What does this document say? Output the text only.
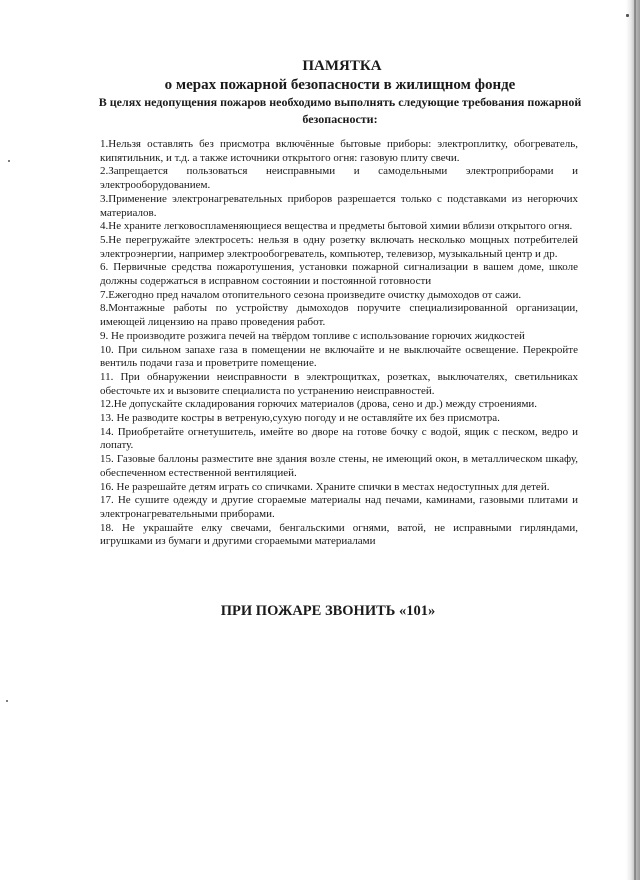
ПАМЯТКА
о мерах пожарной безопасности в жилищном фонде
В целях недопущения пожаров необходимо выполнять следующие требования пожарной
безопасности:

1.Нельзя оставлять без присмотра включённые бытовые приборы: электроплитку, обогреватель, кипятильник, и т.д. а также источники открытого огня: газовую плиту свечи.

2.Запрещается пользоваться неисправными и самодельными электроприборами и электрооборудованием.

3.Применение электронагревательных приборов разрешается только с подставками из негорючих материалов.

4.Не храните легковоспламеняющиеся вещества и предметы бытовой химии вблизи открытого огня.

5.Не перегружайте электросеть: нельзя в одну розетку включать несколько мощных потребителей электроэнергии, например электрообогреватель, компьютер, телевизор, музыкальный центр и др.

6. Первичные средства пожаротушения, установки пожарной сигнализации в вашем доме, школе должны содержаться в исправном состоянии и постоянной готовности

7.Ежегодно пред началом отопительного сезона произведите очистку дымоходов от сажи.

8.Монтажные работы по устройству дымоходов поручите специализированной организации, имеющей лицензию на право проведения работ.

9. Не производите розжига печей на твёрдом топливе с использование горючих жидкостей

10. При сильном запахе газа в помещении не включайте и не выключайте освещение. Перекройте вентиль подачи газа и проветрите помещение.

11. При обнаружении неисправности в электрощитках, розетках, выключателях, светильниках обесточьте их и вызовите специалиста по устранению неисправностей.

12.Не допускайте складирования горючих материалов (дрова, сено и др.) между строениями.

13. Не разводите костры в ветреную,сухую погоду и не оставляйте их без присмотра.

14. Приобретайте огнетушитель, имейте во дворе на готове бочку с водой, ящик с песком, ведро и лопату.

15. Газовые баллоны разместите вне здания возле стены, не имеющий окон, в металлическом шкафу, обеспеченном естественной вентиляцией.

16. Не разрешайте детям играть со спичками. Храните спички в местах недоступных для детей.

17. Не сушите одежду и другие сгораемые материалы над печами, каминами, газовыми плитами и электронагревательными приборами.

18. Не украшайте елку свечами, бенгальскими огнями, ватой, не исправными гирляндами, игрушками из бумаги и другими сгораемыми материалами

ПРИ ПОЖАРЕ ЗВОНИТЬ «101»
